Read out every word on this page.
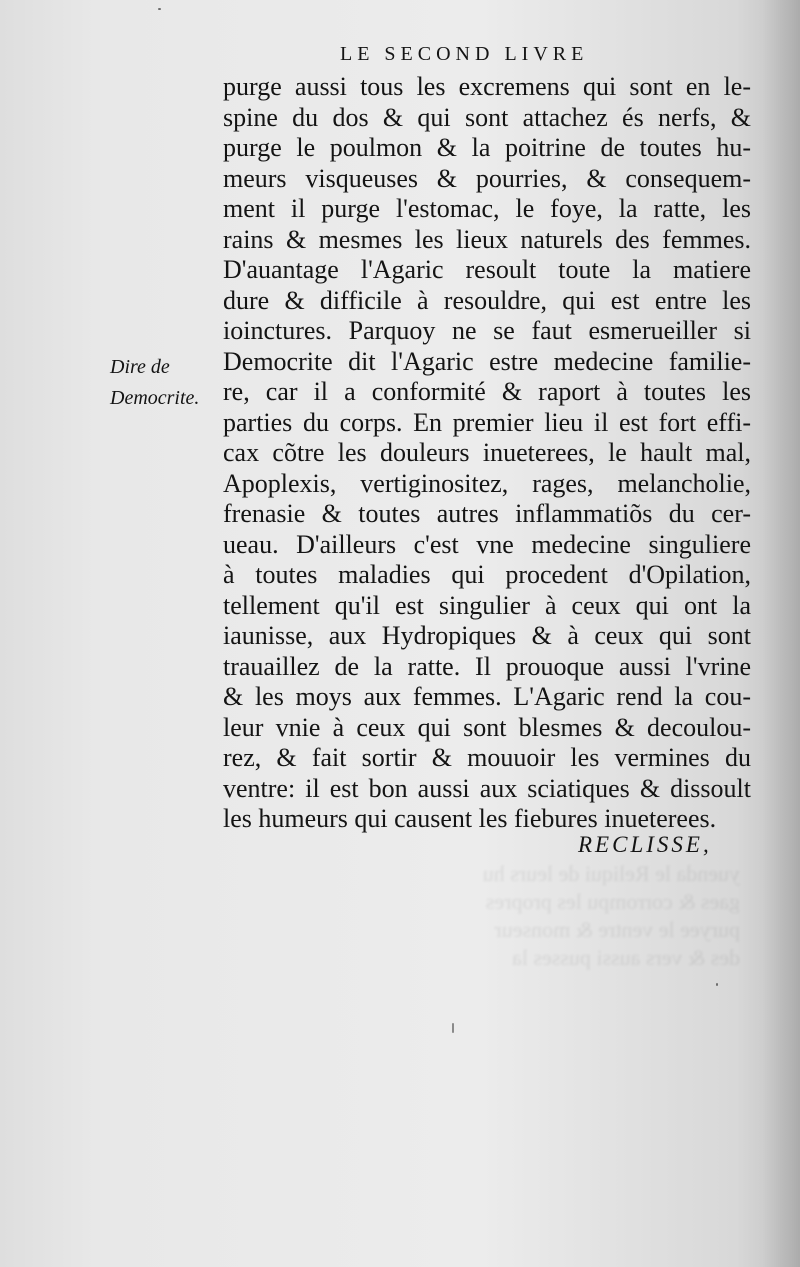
yuenda le Reliqui de leurs hu
gaes & corrompu les propres
puryee le ventre & monseur
des & vers aussi pusses la
LE SECOND LIVRE
purge aussi tous les excremens qui sont en le-
spine du dos & qui sont attachez és nerfs, &
purge le poulmon & la poitrine de toutes hu-
meurs visqueuses & pourries, & consequem-
ment il purge l'estomac, le foye, la ratte, les
rains & mesmes les lieux naturels des femmes.
D'auantage l'Agaric resoult toute la matiere
dure & difficile à resouldre, qui est entre les
ioinctures. Parquoy ne se faut esmerueiller si
Democrite dit l'Agaric estre medecine familie-
re, car il a conformité & raport à toutes les
parties du corps. En premier lieu il est fort effi-
cax cõtre les douleurs inueterees, le hault mal,
Apoplexis, vertiginositez, rages, melancholie,
frenasie & toutes autres inflammatiõs du cer-
ueau. D'ailleurs c'est vne medecine singuliere
à toutes maladies qui procedent d'Opilation,
tellement qu'il est singulier à ceux qui ont la
iaunisse, aux Hydropiques & à ceux qui sont
trauaillez de la ratte. Il prouoque aussi l'vrine
& les moys aux femmes. L'Agaric rend la cou-
leur vnie à ceux qui sont blesmes & decoulou-
rez, & fait sortir & mouuoir les vermines du
ventre: il est bon aussi aux sciatiques & dissoult
les humeurs qui causent les fiebures inueterees.
Dire de
Democrite.
RECLISSE,
